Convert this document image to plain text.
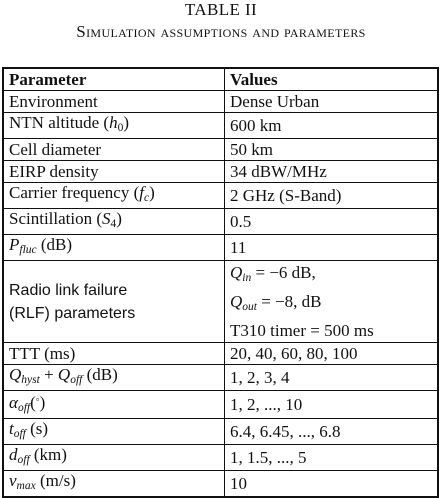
TABLE II
Simulation assumptions and parameters
Parameter	Values
Environment	Dense Urban
NTN altitude $(h_0)$	600 km
Cell diameter	50 km
EIRP density	34 dBW/MHz
Carrier frequency $(f_c)$	2 GHz (S-Band)
Scintillation $(S_4)$	0.5
$P_{fluc}$ (dB)	11

Radio link failure
(RLF) parameters	$Q_{in} = -6$ dB,
$Q_{out} = -8$, dB
T310 timer = 500 ms

TTT (ms)	20, 40, 60, 80, 100
$Q_{hyst} + Q_{off}$ (dB)	1, 2, 3, 4
$\alpha_{off}(^◦)$	1, 2, ..., 10
$t_{off}$ (s)	6.4, 6.45, ..., 6.8
$d_{off}$ (km)	1, 1.5, ..., 5
$v_{max}$ (m/s)	10
